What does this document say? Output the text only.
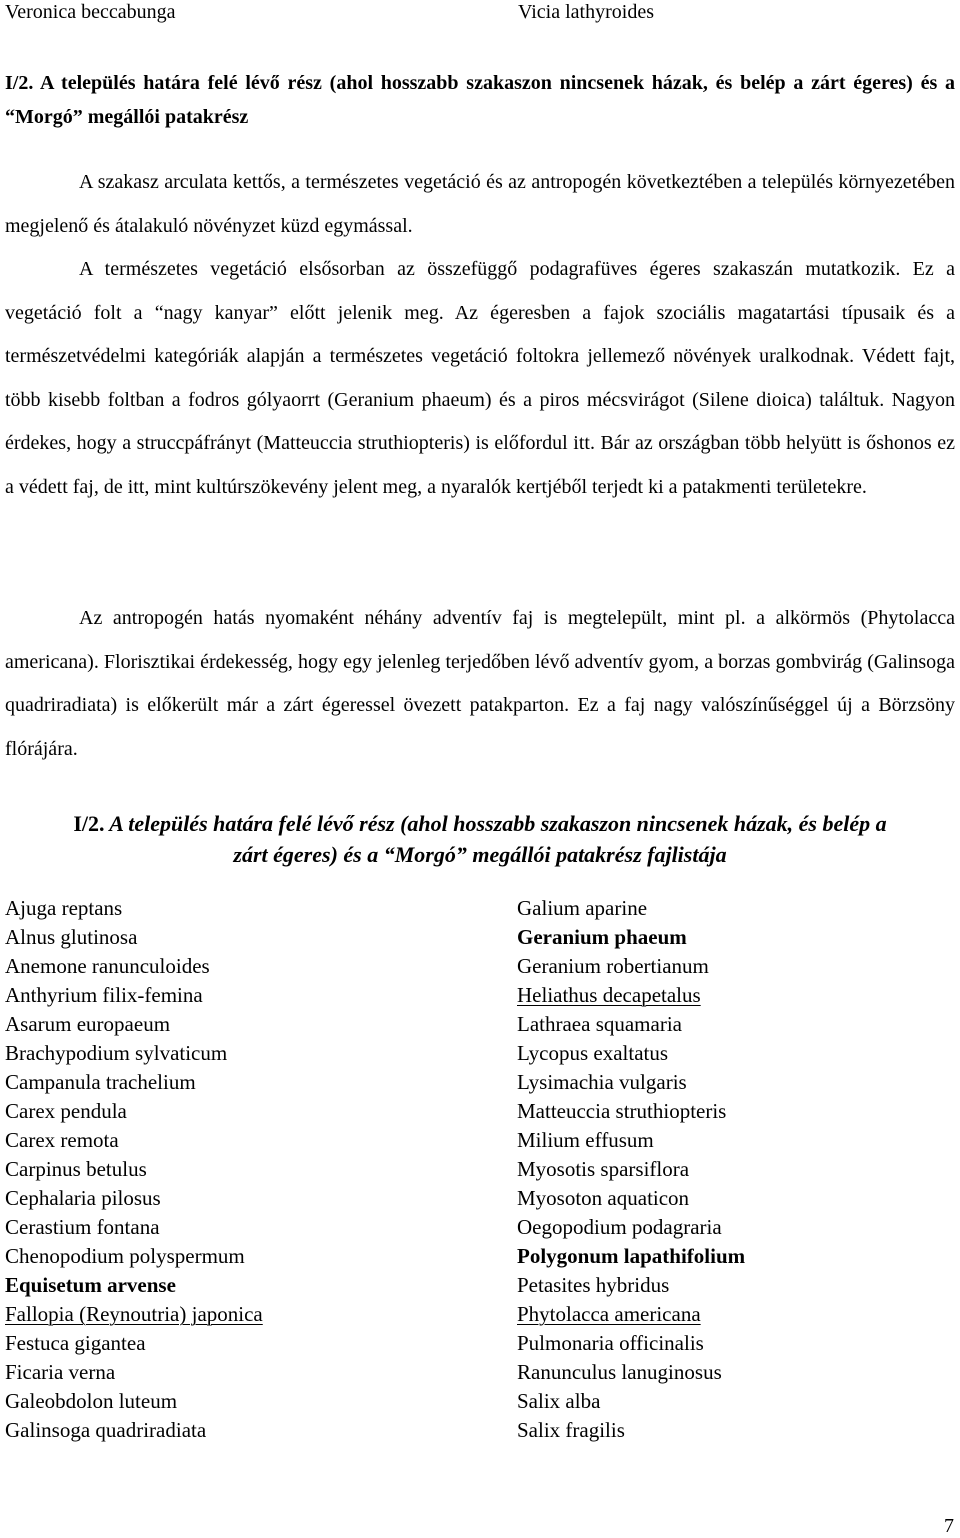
Veronica beccabunga	Vicia lathyroides
I/2. A település határa felé lévő rész (ahol hosszabb szakaszon nincsenek házak, és belép a zárt égeres) és a “Morgó” megállói patakrész
A szakasz arculata kettős, a természetes vegetáció és az antropogén következtében a település környezetében megjelenő és átalakuló növényzet küzd egymással.
A természetes vegetáció elsősorban az összefüggő podagrafüves égeres szakaszán mutatkozik. Ez a vegetáció folt a “nagy kanyar” előtt jelenik meg. Az égeresben a fajok szociális magatartási típusaik és a természetvédelmi kategóriák alapján a természetes vegetáció foltokra jellemező növények uralkodnak. Védett fajt, több kisebb foltban a fodros gólyaorrt (Geranium phaeum) és a piros mécsvirágot (Silene dioica) találtuk. Nagyon érdekes, hogy a struccpáfrányt (Matteuccia struthiopteris) is előfordul itt. Bár az országban több helyütt is őshonos ez a védett faj, de itt, mint kultúrszökevény jelent meg, a nyaralók kertjéből terjedt ki a patakmenti területekre.
Az antropogén hatás nyomaként néhány adventív faj is megtelepült, mint pl. a alkörmös (Phytolacca americana). Florisztikai érdekesség, hogy egy jelenleg terjedőben lévő adventív gyom, a borzas gombvirág (Galinsoga quadriradiata) is előkerült már a zárt égeressel övezett patakparton. Ez a faj nagy valószínűséggel új a Börzsöny flórájára.
I/2. A település határa felé lévő rész (ahol hosszabb szakaszon nincsenek házak, és belép a
zárt égeres) és a “Morgó” megállói patakrész fajlistája
Ajuga reptans
Alnus glutinosa
Anemone ranunculoides
Anthyrium filix-femina
Asarum europaeum
Brachypodium sylvaticum
Campanula trachelium
Carex pendula
Carex remota
Carpinus betulus
Cephalaria pilosus
Cerastium fontana
Chenopodium polyspermum
Equisetum arvense
Fallopia (Reynoutria) japonica
Festuca gigantea
Ficaria verna
Galeobdolon luteum
Galinsoga quadriradiata
Galium aparine
Geranium phaeum
Geranium robertianum
Heliathus decapetalus
Lathraea squamaria
Lycopus exaltatus
Lysimachia vulgaris
Matteuccia struthiopteris
Milium effusum
Myosotis sparsiflora
Myosoton aquaticon
Oegopodium podagraria
Polygonum lapathifolium
Petasites hybridus
Phytolacca americana
Pulmonaria officinalis
Ranunculus lanuginosus
Salix alba
Salix fragilis
7
